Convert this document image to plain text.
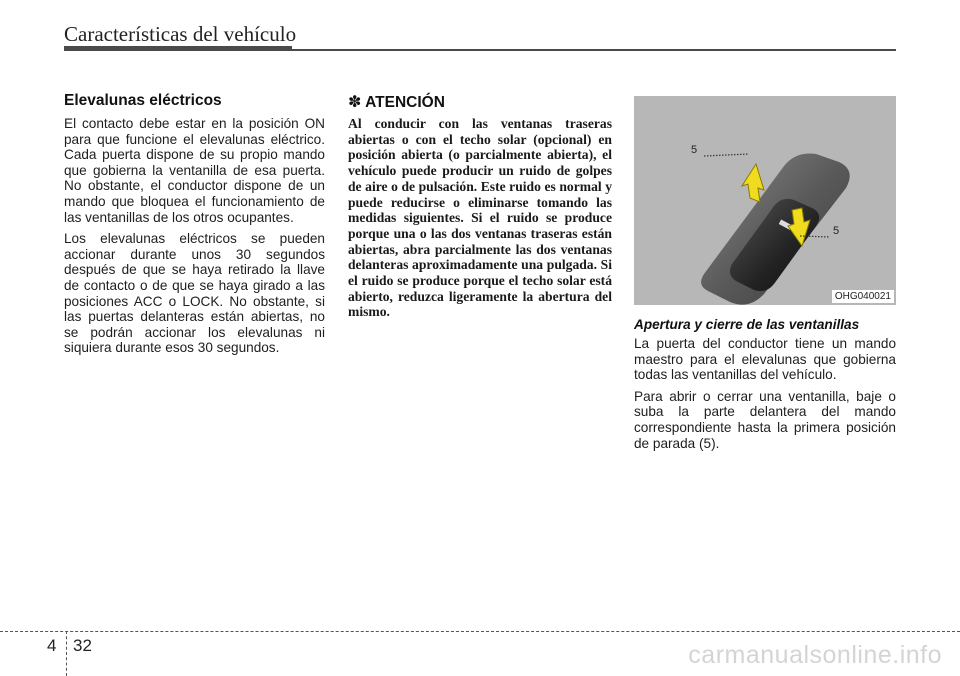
Características del vehículo
Elevalunas eléctricos

El contacto debe estar en la posición ON para que funcione el elevalunas eléctrico. Cada puerta dispone de su propio mando que gobierna la ventanilla de esa puerta. No obstante, el conductor dispone de un mando que bloquea el funcionamiento de las ventanillas de los otros ocupantes.

Los elevalunas eléctricos se pueden accionar durante unos 30 segundos después de que se haya retirado la llave de contacto o de que se haya girado a las posiciones ACC o LOCK. No obstante, si las puertas delanteras están abiertas, no se podrán accionar los elevalunas ni siquiera durante esos 30 segundos.

✽ ATENCIÓN

Al conducir con las ventanas traseras abiertas o con el techo solar (opcional) en posición abierta (o parcialmente abierta), el vehículo puede producir un ruido de golpes de aire o de pulsación. Este ruido es normal y puede reducirse o eliminarse tomando las medidas siguientes. Si el ruido se produce porque una o las dos ventanas traseras están abiertas, abra parcialmente las dos ventanas delanteras aproximadamente una pulgada. Si el ruido se produce porque el techo solar está abierto, reduzca ligeramente la abertura del mismo.

5
5
OHG040021
Apertura y cierre de las ventanillas

La puerta del conductor tiene un mando maestro para el elevalunas que gobierna todas las ventanillas del vehículo.

Para abrir o cerrar una ventanilla, baje o suba la parte delantera del mando correspondiente hasta la primera posición de parada (5).

4 32	carmanualsonline.info
